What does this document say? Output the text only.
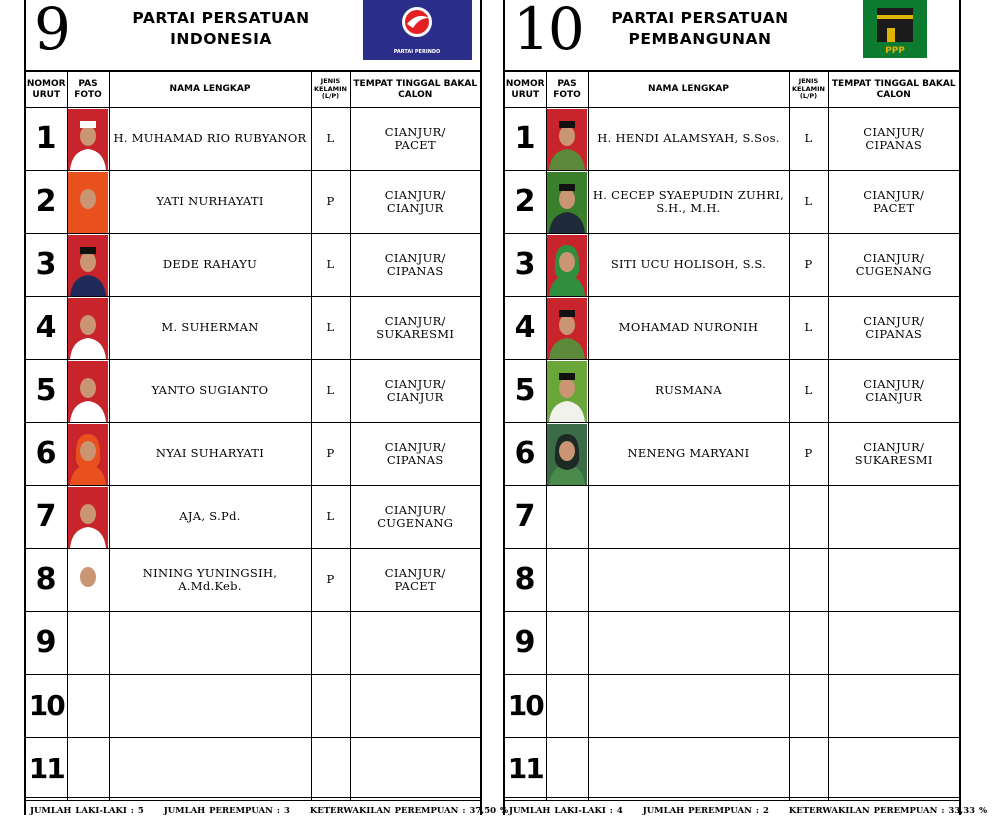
9	PARTAI PERSATUAN INDONESIA
PARTAI PERINDO
NOMOR URUT	PAS FOTO	NAMA LENGKAP	JENIS KELAMIN (L/P)	TEMPAT TINGGAL BAKAL CALON
1		H. MUHAMAD RIO RUBYANOR	L	CIANJUR/ PACET
2		YATI NURHAYATI	P	CIANJUR/ CIANJUR
3		DEDE RAHAYU	L	CIANJUR/ CIPANAS
4		M. SUHERMAN	L	CIANJUR/ SUKARESMI
5		YANTO SUGIANTO	L	CIANJUR/ CIANJUR
6		NYAI SUHARYATI	P	CIANJUR/ CIPANAS
7		AJA, S.Pd.	L	CIANJUR/ CUGENANG
8		NINING YUNINGSIH, A.Md.Keb.	P	CIANJUR/ PACET
9				
10				
11				
JUMLAH LAKI-LAKI : 5 JUMLAH PEREMPUAN : 3 KETERWAKILAN PEREMPUAN : 37,50 %
10	PARTAI PERSATUAN PEMBANGUNAN
PPP
NOMOR URUT	PAS FOTO	NAMA LENGKAP	JENIS KELAMIN (L/P)	TEMPAT TINGGAL BAKAL CALON
1		H. HENDI ALAMSYAH, S.Sos.	L	CIANJUR/ CIPANAS
2		H. CECEP SYAEPUDIN ZUHRI, S.H., M.H.	L	CIANJUR/ PACET
3		SITI UCU HOLISOH, S.S.	P	CIANJUR/ CUGENANG
4		MOHAMAD NURONIH	L	CIANJUR/ CIPANAS
5		RUSMANA	L	CIANJUR/ CIANJUR
6		NENENG MARYANI	P	CIANJUR/ SUKARESMI
7				
8				
9				
10				
11				
JUMLAH LAKI-LAKI : 4 JUMLAH PEREMPUAN : 2 KETERWAKILAN PEREMPUAN : 33,33 %
